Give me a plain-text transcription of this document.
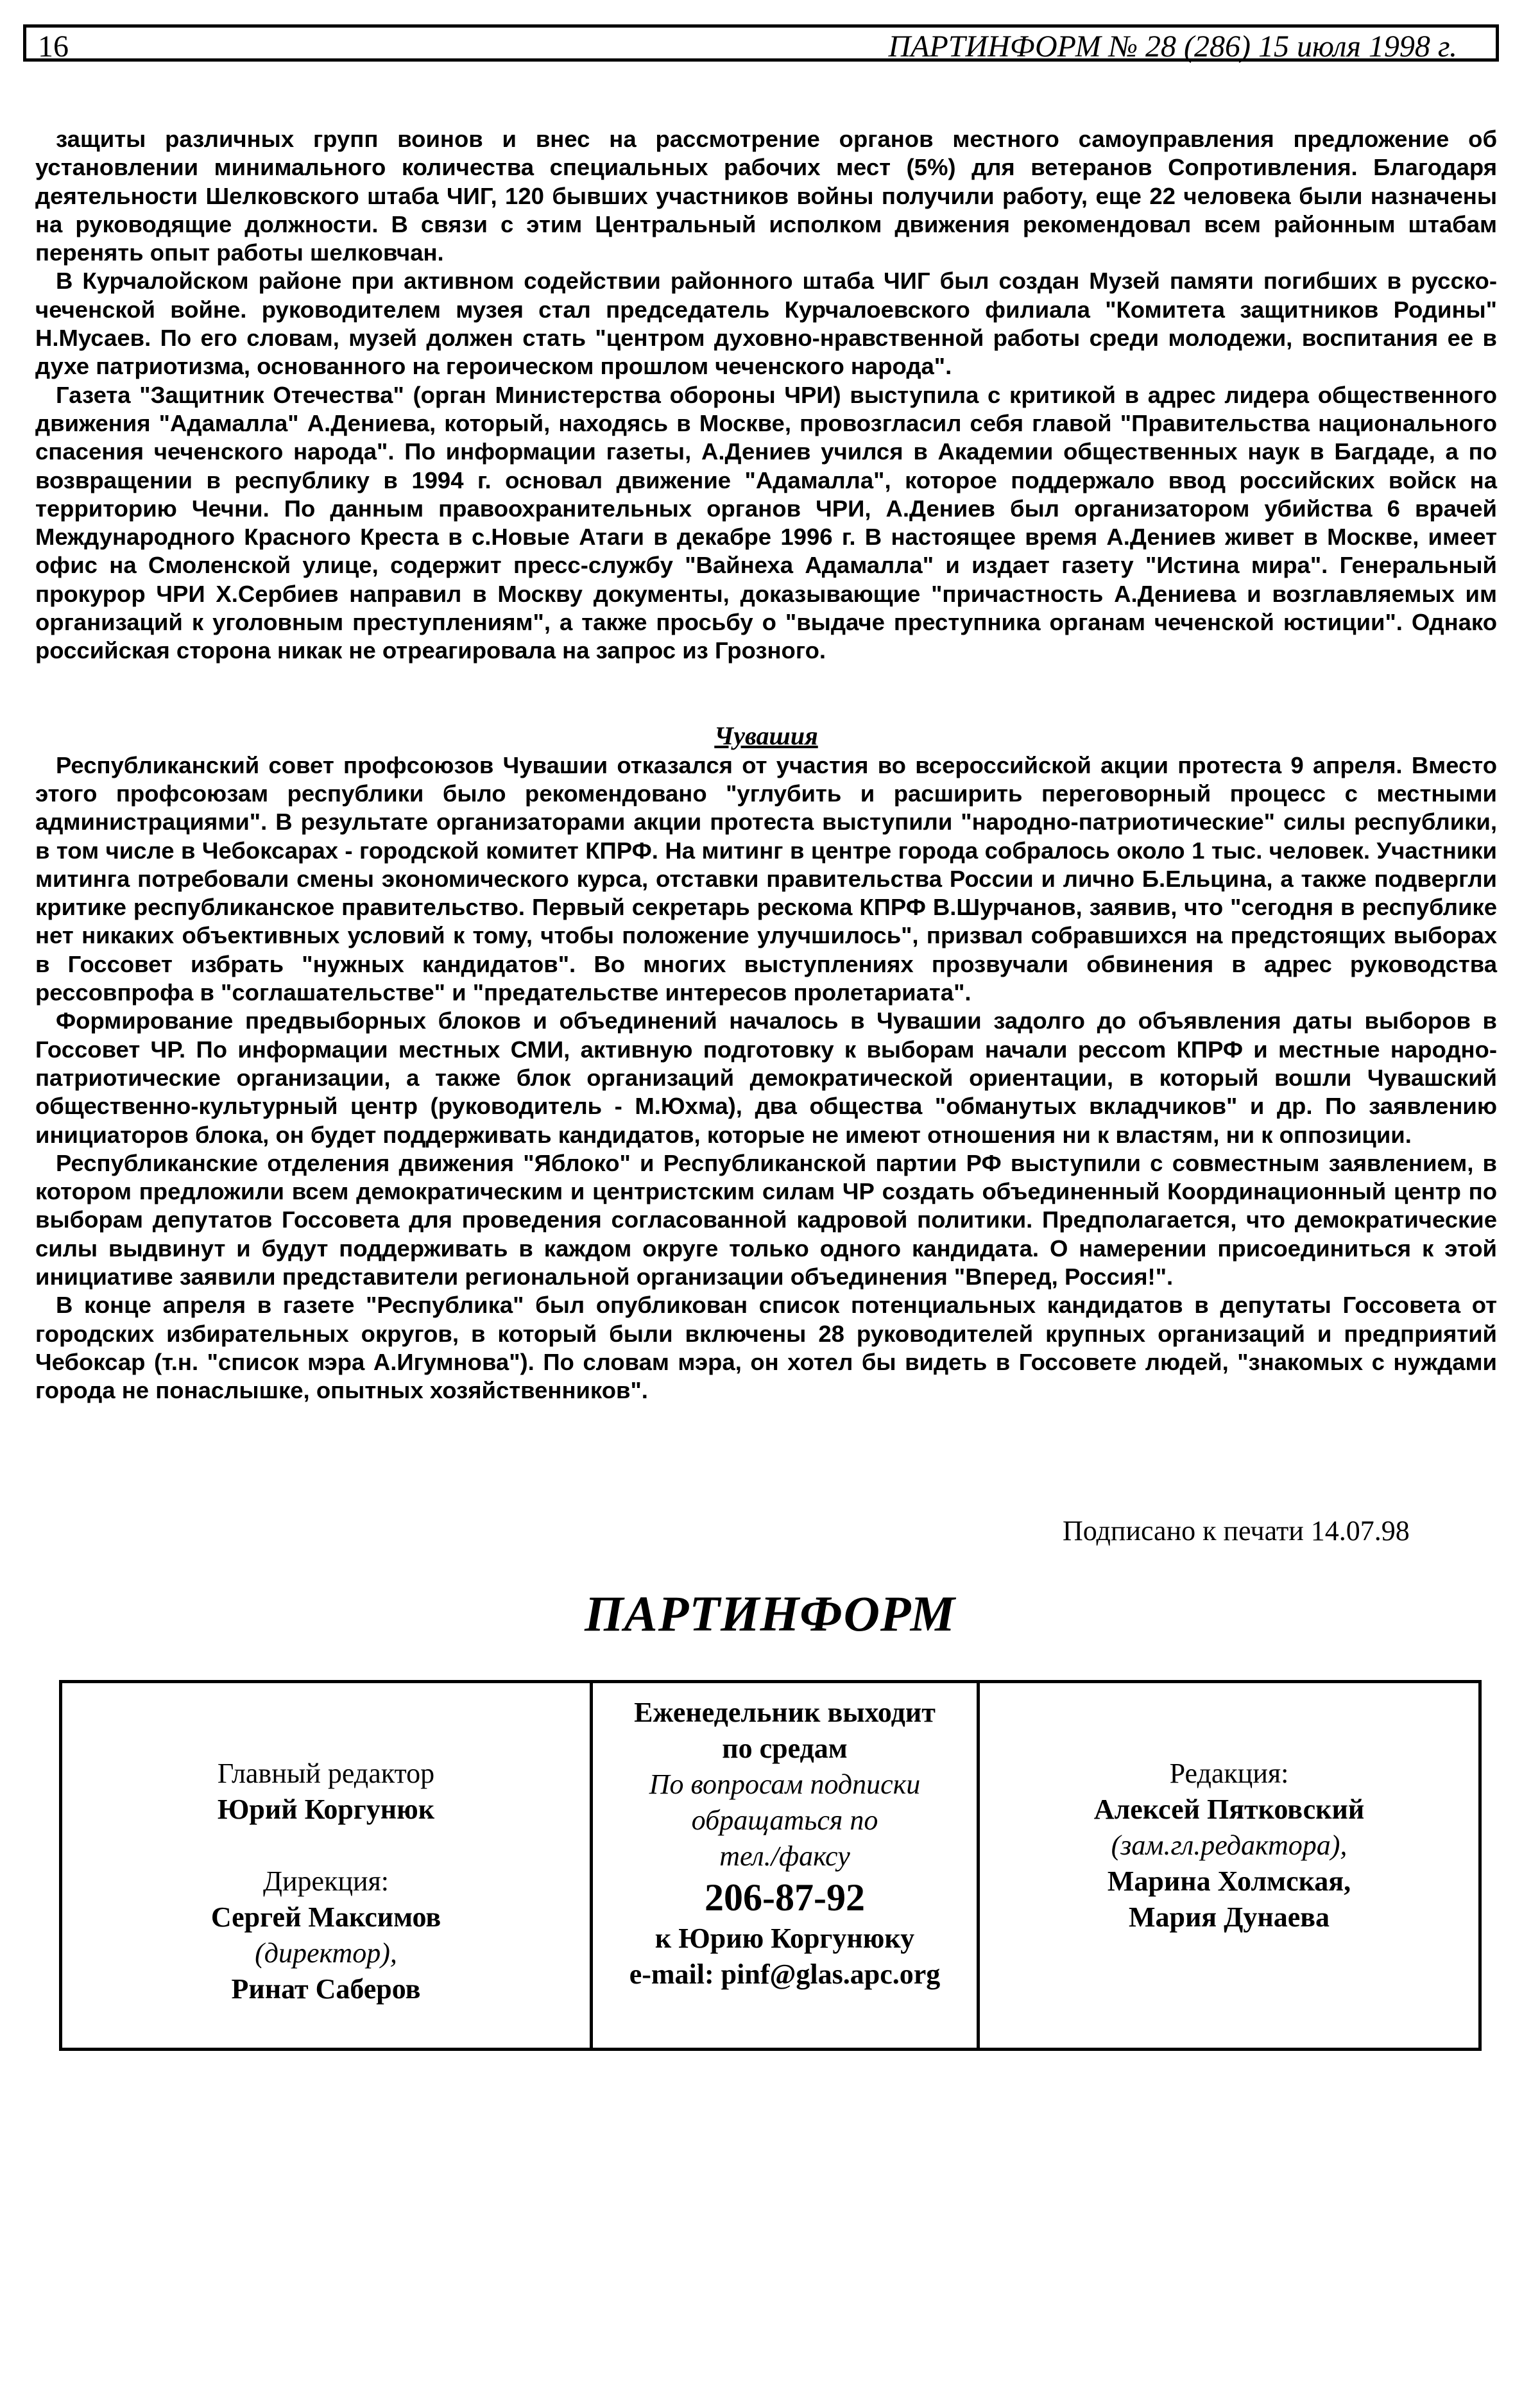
16	ПАРТИНФОРМ № 28 (286) 15 июля 1998 г.

защиты различных групп воинов и внес на рассмотрение органов местного самоуправления предложение об установлении минимального количества специальных рабочих мест (5%) для ветеранов Сопротивления. Благодаря деятельности Шелковского штаба ЧИГ, 120 бывших участников войны получили работу, еще 22 человека были назначены на руководящие должности. В связи с этим Центральный исполком движения рекомендовал всем районным штабам перенять опыт работы шелковчан.

В Курчалойском районе при активном содействии районного штаба ЧИГ был создан Музей памяти погибших в русско-чеченской войне. руководителем музея стал председатель Курчалоевского филиала "Комитета защитников Родины" Н.Мусаев. По его словам, музей должен стать "центром духовно-нравственной работы среди молодежи, воспитания ее в духе патриотизма, основанного на героическом прошлом чеченского народа".

Газета "Защитник Отечества" (орган Министерства обороны ЧРИ) выступила с критикой в адрес лидера общественного движения "Адамалла" А.Дениева, который, находясь в Москве, провозгласил себя главой "Правительства национального спасения чеченского народа". По информации газеты, А.Дениев учился в Академии общественных наук в Багдаде, а по возвращении в республику в 1994 г. основал движение "Адамалла", которое поддержало ввод российских войск на территорию Чечни. По данным правоохранительных органов ЧРИ, А.Дениев был организатором убийства 6 врачей Международного Красного Креста в с.Новые Атаги в декабре 1996 г. В настоящее время А.Дениев живет в Москве, имеет офис на Смоленской улице, содержит пресс-службу "Вайнеха Адамалла" и издает газету "Истина мира". Генеральный прокурор ЧРИ Х.Сербиев направил в Москву документы, доказывающие "причастность А.Дениева и возглавляемых им организаций к уголовным преступлениям", а также просьбу о "выдаче преступника органам чеченской юстиции". Однако российская сторона никак не отреагировала на запрос из Грозного.

Чувашия

Республиканский совет профсоюзов Чувашии отказался от участия во всероссийской акции протеста 9 апреля. Вместо этого профсоюзам республики было рекомендовано "углубить и расширить переговорный процесс с местными администрациями". В результате организаторами акции протеста выступили "народно-патриотические" силы республики, в том числе в Чебоксарах - городской комитет КПРФ. На митинг в центре города собралось около 1 тыс. человек. Участники митинга потребовали смены экономического курса, отставки правительства России и лично Б.Ельцина, а также подвергли критике республиканское правительство. Первый секретарь рескома КПРФ В.Шурчанов, заявив, что "сегодня в республике нет никаких объективных условий к тому, чтобы положение улучшилось", призвал собравшихся на предстоящих выборах в Госсовет избрать "нужных кандидатов". Во многих выступлениях прозвучали обвинения в адрес руководства рессовпрофа в "соглашательстве" и "предательстве интересов пролетариата".

Формирование предвыборных блоков и объединений началось в Чувашии задолго до объявления даты выборов в Госсовет ЧР. По информации местных СМИ, активную подготовку к выборам начали ресcom КПРФ и местные народно-патриотические организации, а также блок организаций демократической ориентации, в который вошли Чувашский общественно-культурный центр (руководитель - М.Юхма), два общества "обманутых вкладчиков" и др. По заявлению инициаторов блока, он будет поддерживать кандидатов, которые не имеют отношения ни к властям, ни к оппозиции.

Республиканские отделения движения "Яблоко" и Республиканской партии РФ выступили с совместным заявлением, в котором предложили всем демократическим и центристским силам ЧР создать объединенный Координационный центр по выборам депутатов Госсовета для проведения согласованной кадровой политики. Предполагается, что демократические силы выдвинут и будут поддерживать в каждом округе только одного кандидата. О намерении присоединиться к этой инициативе заявили представители региональной организации объединения "Вперед, Россия!".

В конце апреля в газете "Республика" был опубликован список потенциальных кандидатов в депутаты Госсовета от городских избирательных округов, в который были включены 28 руководителей крупных организаций и предприятий Чебоксар (т.н. "список мэра А.Игумнова"). По словам мэра, он хотел бы видеть в Госсовете людей, "знакомых с нуждами города не понаслышке, опытных хозяйственников".

Подписано к печати 14.07.98
ПАРТИНФОРМ
Главный редактор
Юрий Коргунюк
Дирекция:
Сергей Максимов
(директор),
Ринат Саберов
Еженедельник выходит
по средам
По вопросам подписки
обращаться по
тел./факсу
206-87-92
к Юрию Коргунюку
e-mail: pinf@glas.apc.org
Редакция:
Алексей Пятковский
(зам.гл.редактора),
Марина Холмская,
Мария Дунаева
